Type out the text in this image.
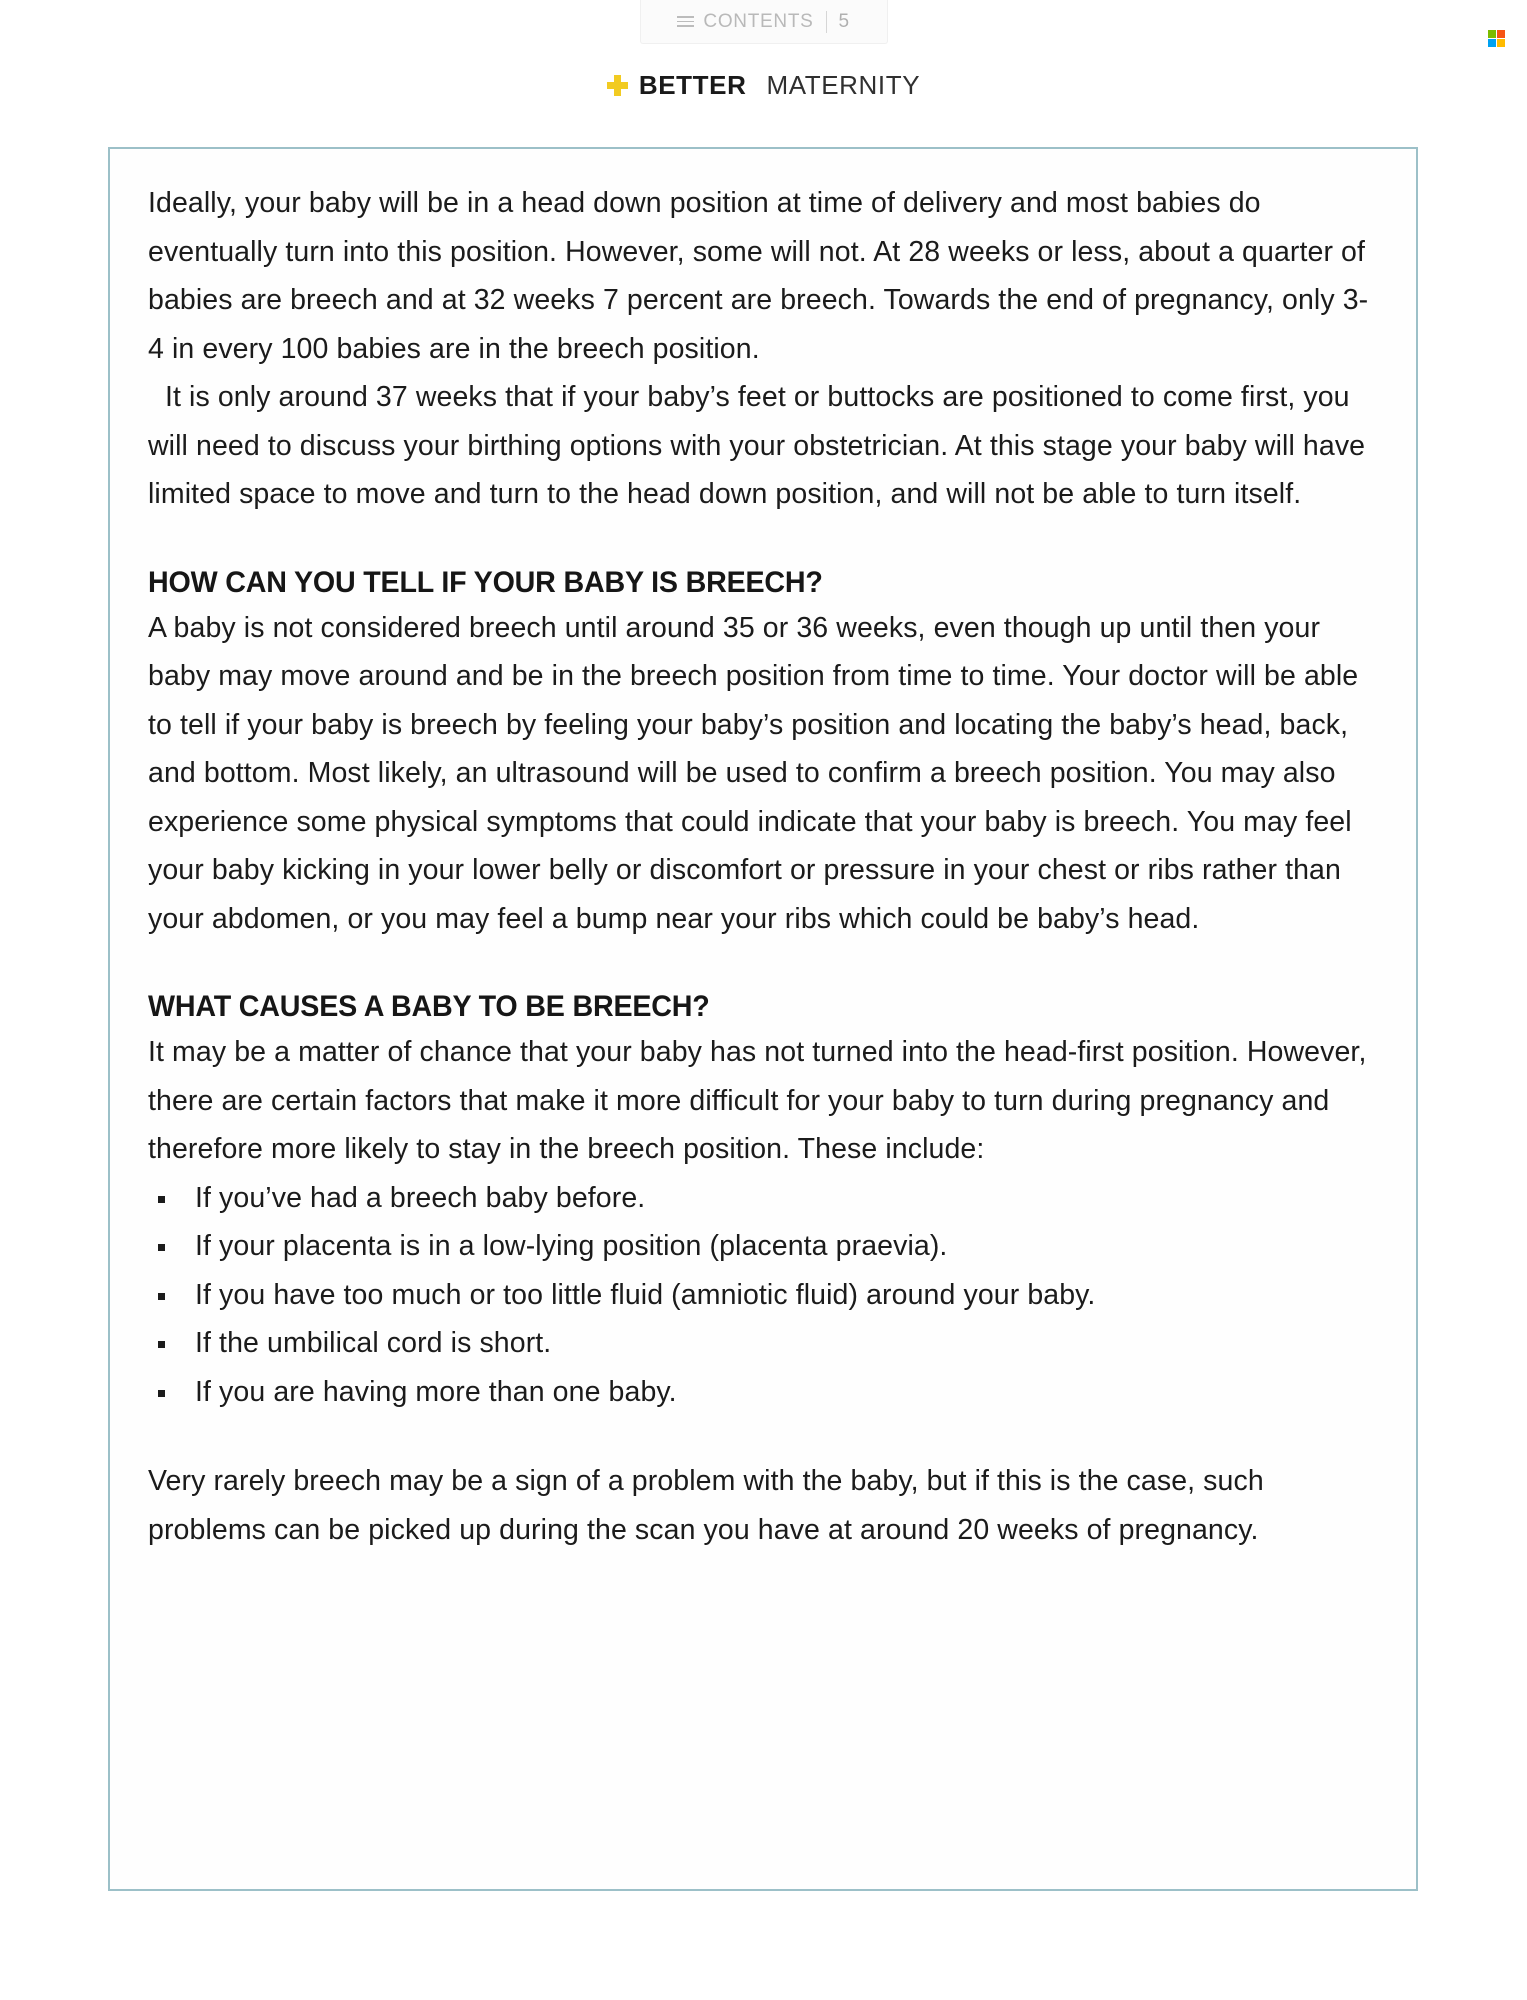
CONTENTS 5
BETTER MATERNITY

Ideally, your baby will be in a head down position at time of delivery and most babies do eventually turn into this position. However, some will not. At 28 weeks or less, about a quarter of babies are breech and at 32 weeks 7 percent are breech. Towards the end of pregnancy, only 3-4 in every 100 babies are in the breech position.

It is only around 37 weeks that if your baby’s feet or buttocks are positioned to come first, you will need to discuss your birthing options with your obstetrician. At this stage your baby will have limited space to move and turn to the head down position, and will not be able to turn itself.

HOW CAN YOU TELL IF YOUR BABY IS BREECH?

A baby is not considered breech until around 35 or 36 weeks, even though up until then your baby may move around and be in the breech position from time to time. Your doctor will be able to tell if your baby is breech by feeling your baby’s position and locating the baby’s head, back, and bottom. Most likely, an ultrasound will be used to confirm a breech position. You may also experience some physical symptoms that could indicate that your baby is breech. You may feel your baby kicking in your lower belly or discomfort or pressure in your chest or ribs rather than your abdomen, or you may feel a bump near your ribs which could be baby’s head.

WHAT CAUSES A BABY TO BE BREECH?

It may be a matter of chance that your baby has not turned into the head-first position. However, there are certain factors that make it more difficult for your baby to turn during pregnancy and therefore more likely to stay in the breech position. These include:

If you’ve had a breech baby before.
If your placenta is in a low-lying position (placenta praevia).
If you have too much or too little fluid (amniotic fluid) around your baby.
If the umbilical cord is short.
If you are having more than one baby.

Very rarely breech may be a sign of a problem with the baby, but if this is the case, such problems can be picked up during the scan you have at around 20 weeks of pregnancy.
